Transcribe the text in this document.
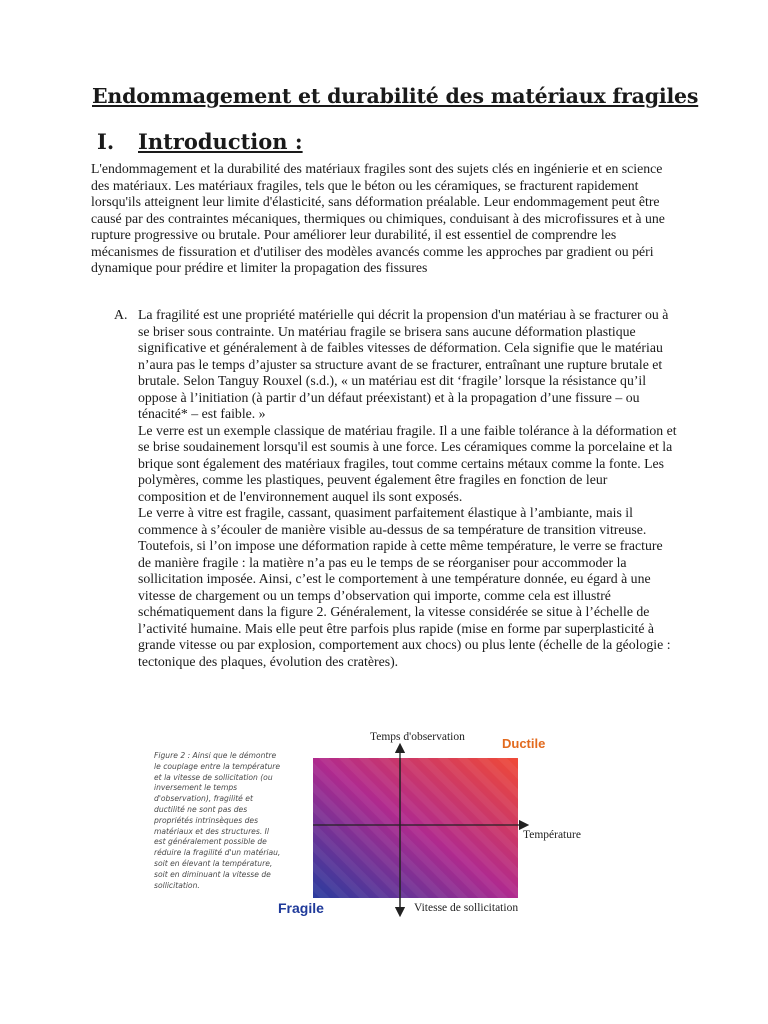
Endommagement et durabilité des matériaux fragiles
I. Introduction :

L'endommagement et la durabilité des matériaux fragiles sont des sujets clés en ingénierie et en science des matériaux. Les matériaux fragiles, tels que le béton ou les céramiques, se fracturent rapidement lorsqu'ils atteignent leur limite d'élasticité, sans déformation préalable. Leur endommagement peut être causé par des contraintes mécaniques, thermiques ou chimiques, conduisant à des microfissures et à une rupture progressive ou brutale. Pour améliorer leur durabilité, il est essentiel de comprendre les mécanismes de fissuration et d'utiliser des modèles avancés comme les approches par gradient ou péri dynamique pour prédire et limiter la propagation des fissures

A. La fragilité est une propriété matérielle qui décrit la propension d'un matériau à se fracturer ou à se briser sous contrainte. Un matériau fragile se brisera sans aucune déformation plastique significative et généralement à de faibles vitesses de déformation. Cela signifie que le matériau n’aura pas le temps d’ajuster sa structure avant de se fracturer, entraînant une rupture brutale et brutale. Selon Tanguy Rouxel (s.d.), « un matériau est dit ‘fragile’ lorsque la résistance qu’il oppose à l’initiation (à partir d’un défaut préexistant) et à la propagation d’une fissure – ou ténacité* – est faible. »

Le verre est un exemple classique de matériau fragile. Il a une faible tolérance à la déformation et se brise soudainement lorsqu'il est soumis à une force. Les céramiques comme la porcelaine et la brique sont également des matériaux fragiles, tout comme certains métaux comme la fonte. Les polymères, comme les plastiques, peuvent également être fragiles en fonction de leur composition et de l'environnement auquel ils sont exposés.

Le verre à vitre est fragile, cassant, quasiment parfaitement élastique à l’ambiante, mais il commence à s’écouler de manière visible au-dessus de sa température de transition vitreuse. Toutefois, si l’on impose une déformation rapide à cette même température, le verre se fracture de manière fragile : la matière n’a pas eu le temps de se réorganiser pour accommoder la sollicitation imposée. Ainsi, c’est le comportement à une température donnée, eu égard à une vitesse de chargement ou un temps d’observation qui importe, comme cela est illustré schématiquement dans la figure 2. Généralement, la vitesse considérée se situe à l’échelle de l’activité humaine. Mais elle peut être parfois plus rapide (mise en forme par superplasticité à grande vitesse ou par explosion, comportement aux chocs) ou plus lente (échelle de la géologie : tectonique des plaques, évolution des cratères).

Figure 2 : Ainsi que le démontre le couplage entre la température et la vitesse de sollicitation (ou inversement le temps d'observation), fragilité et ductilité ne sont pas des propriétés intrinsèques des matériaux et des structures. Il est généralement possible de réduire la fragilité d'un matériau, soit en élevant la température, soit en diminuant la vitesse de sollicitation.

Temps d'observation	Ductile
Température
Fragile	Vitesse de sollicitation
